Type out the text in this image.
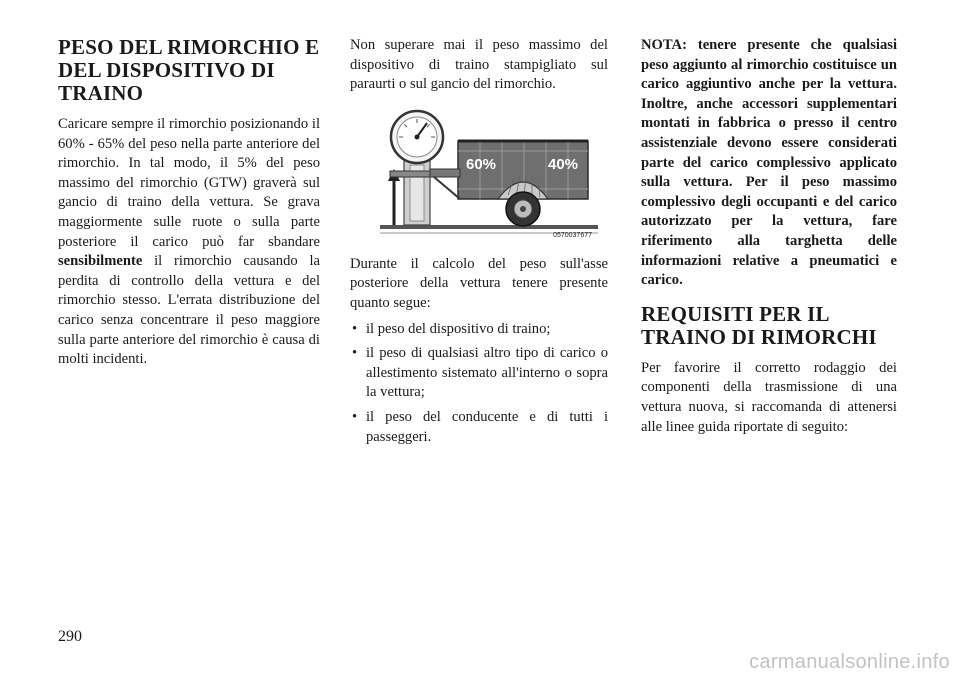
PESO DEL RIMORCHIO E DEL DISPOSITIVO DI TRAINO

Caricare sempre il rimorchio posizionando il 60% - 65% del peso nella parte anteriore del rimorchio. In tal modo, il 5% del peso massimo del rimorchio (GTW) graverà sul gancio di traino della vettura. Se grava maggiormente sulle ruote o sulla parte posteriore il carico può far sbandare sensibilmente il rimorchio causando la perdita di controllo della vettura e del rimorchio stesso. L'errata distribuzione del carico senza concentrare il peso maggiore sulla parte anteriore del rimorchio è causa di molti incidenti.

Non superare mai il peso massimo del dispositivo di traino stampigliato sul paraurti o sul gancio del rimorchio.

60%	40%
0570037677

Durante il calcolo del peso sull'asse posteriore della vettura tenere presente quanto segue:

• il peso del dispositivo di traino;
• il peso di qualsiasi altro tipo di carico o allestimento sistemato all'interno o sopra la vettura;
• il peso del conducente e di tutti i passeggeri.

NOTA: tenere presente che qualsiasi peso aggiunto al rimorchio costituisce un carico aggiuntivo anche per la vettura. Inoltre, anche accessori supplementari montati in fabbrica o presso il centro assistenziale devono essere considerati parte del carico complessivo applicato sulla vettura. Per il peso massimo complessivo degli occupanti e del carico autorizzato per la vettura, fare riferimento alla targhetta delle informazioni relative a pneumatici e carico.

REQUISITI PER IL TRAINO DI RIMORCHI

Per favorire il corretto rodaggio dei componenti della trasmissione di una vettura nuova, si raccomanda di attenersi alle linee guida riportate di seguito:

290
carmanualsonline.info
